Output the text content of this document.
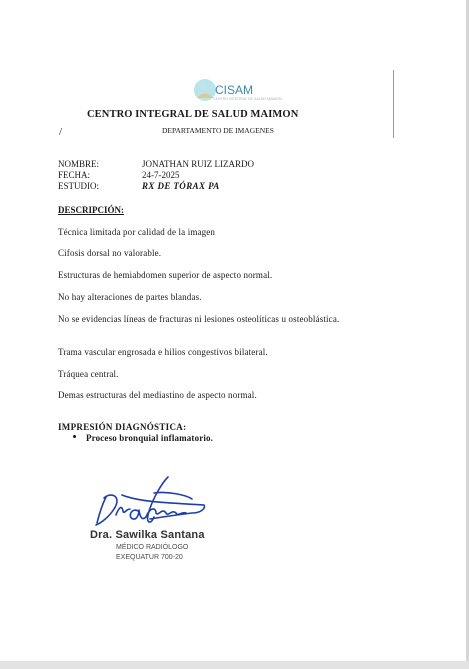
CISAM
CENTRO INTEGRAL DE SALUD MAIMON
CENTRO INTEGRAL DE SALUD MAIMON
DEPARTAMENTO DE IMAGENES
/
NOMBRE:	JONATHAN RUIZ LIZARDO
FECHA:	24-7-2025
ESTUDIO:	RX DE TÓRAX PA
DESCRIPCIÓN:
Técnica limitada por calidad de la imagen
Cifosis dorsal no valorable.
Estructuras de hemiabdomen superior de aspecto normal.
No hay alteraciones de partes blandas.
No se evidencias líneas de fracturas ni lesiones osteolíticas u osteoblástica.
Trama vascular engrosada e hilios congestivos bilateral.
Tráquea central.
Demas estructuras del mediastino de aspecto normal.
IMPRESIÓN DIAGNÓSTICA:
Proceso bronquial inflamatorio.
Dra. Sawilka Santana
MÉDICO RADIÓLOGO
EXEQUATUR 700-20
